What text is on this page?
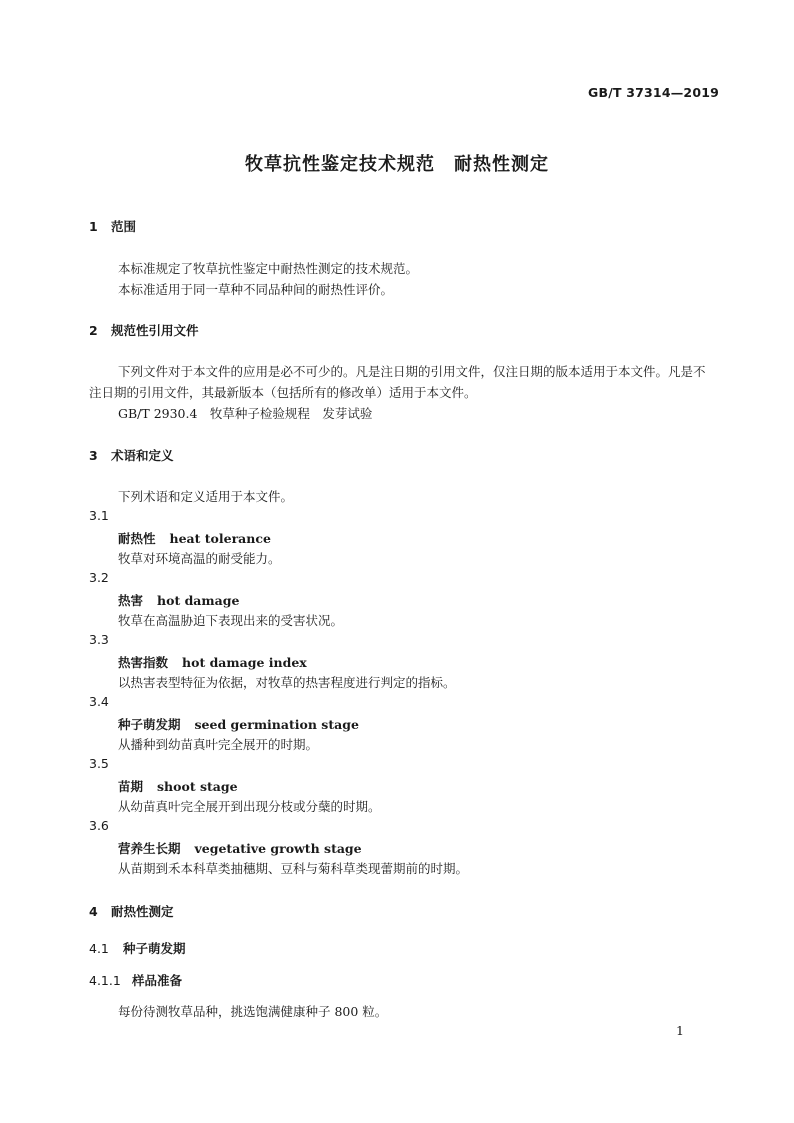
GB/T 37314—2019
牧草抗性鉴定技术规范　耐热性测定
1 范围
本标准规定了牧草抗性鉴定中耐热性测定的技术规范。
本标准适用于同一草种不同品种间的耐热性评价。
2 规范性引用文件
下列文件对于本文件的应用是必不可少的。凡是注日期的引用文件，仅注日期的版本适用于本文件。凡是不注日期的引用文件，其最新版本（包括所有的修改单）适用于本文件。
GB/T 2930.4　牧草种子检验规程　发芽试验
3 术语和定义
下列术语和定义适用于本文件。
3.1
耐热性 heat tolerance
牧草对环境高温的耐受能力。
3.2
热害 hot damage
牧草在高温胁迫下表现出来的受害状况。
3.3
热害指数 hot damage index
以热害表型特征为依据，对牧草的热害程度进行判定的指标。
3.4
种子萌发期 seed germination stage
从播种到幼苗真叶完全展开的时期。
3.5
苗期 shoot stage
从幼苗真叶完全展开到出现分枝或分蘖的时期。
3.6
营养生长期 vegetative growth stage
从苗期到禾本科草类抽穗期、豆科与菊科草类现蕾期前的时期。
4 耐热性测定
4.1 种子萌发期
4.1.1 样品准备
每份待测牧草品种，挑选饱满健康种子 800 粒。
1
